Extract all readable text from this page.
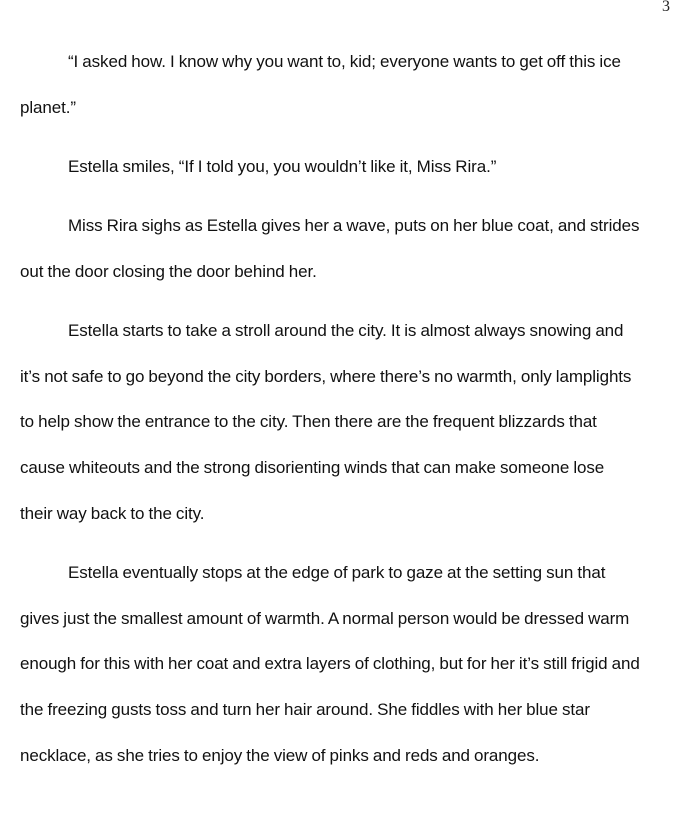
3

“I asked how. I know why you want to, kid; everyone wants to get off this ice planet.”

Estella smiles, “If I told you, you wouldn’t like it, Miss Rira.”

Miss Rira sighs as Estella gives her a wave, puts on her blue coat, and strides out the door closing the door behind her.

Estella starts to take a stroll around the city. It is almost always snowing and it’s not safe to go beyond the city borders, where there’s no warmth, only lamplights to help show the entrance to the city. Then there are the frequent blizzards that cause whiteouts and the strong disorienting winds that can make someone lose their way back to the city.

Estella eventually stops at the edge of park to gaze at the setting sun that gives just the smallest amount of warmth. A normal person would be dressed warm enough for this with her coat and extra layers of clothing, but for her it’s still frigid and the freezing gusts toss and turn her hair around. She fiddles with her blue star necklace, as she tries to enjoy the view of pinks and reds and oranges.
